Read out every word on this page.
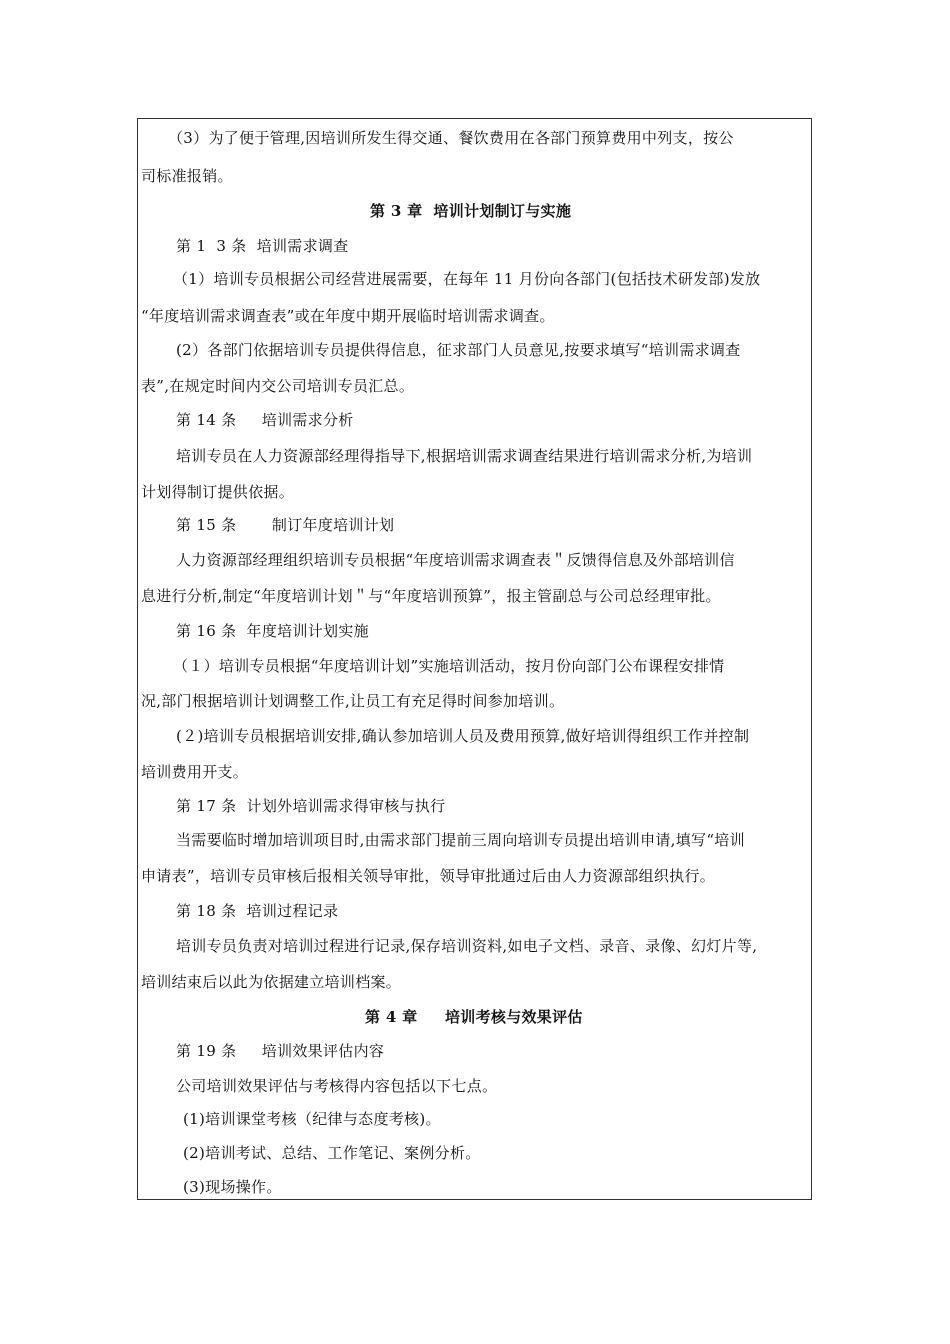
（3）为了便于管理,因培训所发生得交通、餐饮费用在各部门预算费用中列支，按公
司标准报销。
第 3 章  培训计划制订与实施
第 1  3 条  培训需求调查
（1）培训专员根据公司经营进展需要，在每年 11 月份向各部门(包括技术研发部)发放
“年度培训需求调查表”或在年度中期开展临时培训需求调查。
(2）各部门依据培训专员提供得信息，征求部门人员意见,按要求填写“培训需求调查
表”,在规定时间内交公司培训专员汇总。
第 14 条     培训需求分析
培训专员在人力资源部经理得指导下,根据培训需求调查结果进行培训需求分析,为培训
计划得制订提供依据。
第 15 条       制订年度培训计划
人力资源部经理组织培训专员根据“年度培训需求调查表＂反馈得信息及外部培训信
息进行分析,制定“年度培训计划＂与“年度培训预算”，报主管副总与公司总经理审批。
第 16 条  年度培训计划实施
（１）培训专员根据“年度培训计划”实施培训活动，按月份向部门公布课程安排情
况,部门根据培训计划调整工作,让员工有充足得时间参加培训。
(２)培训专员根据培训安排,确认参加培训人员及费用预算,做好培训得组织工作并控制
培训费用开支。
第 17 条  计划外培训需求得审核与执行
当需要临时增加培训项目时,由需求部门提前三周向培训专员提出培训申请,填写“培训
申请表”，培训专员审核后报相关领导审批，领导审批通过后由人力资源部组织执行。
第 18 条  培训过程记录
培训专员负责对培训过程进行记录,保存培训资料,如电子文档、录音、录像、幻灯片等,
培训结束后以此为依据建立培训档案。
第 4 章     培训考核与效果评估
第 19 条     培训效果评估内容
公司培训效果评估与考核得内容包括以下七点。
(1)培训课堂考核（纪律与态度考核)。
(2)培训考试、总结、工作笔记、案例分析。
(3)现场操作。
